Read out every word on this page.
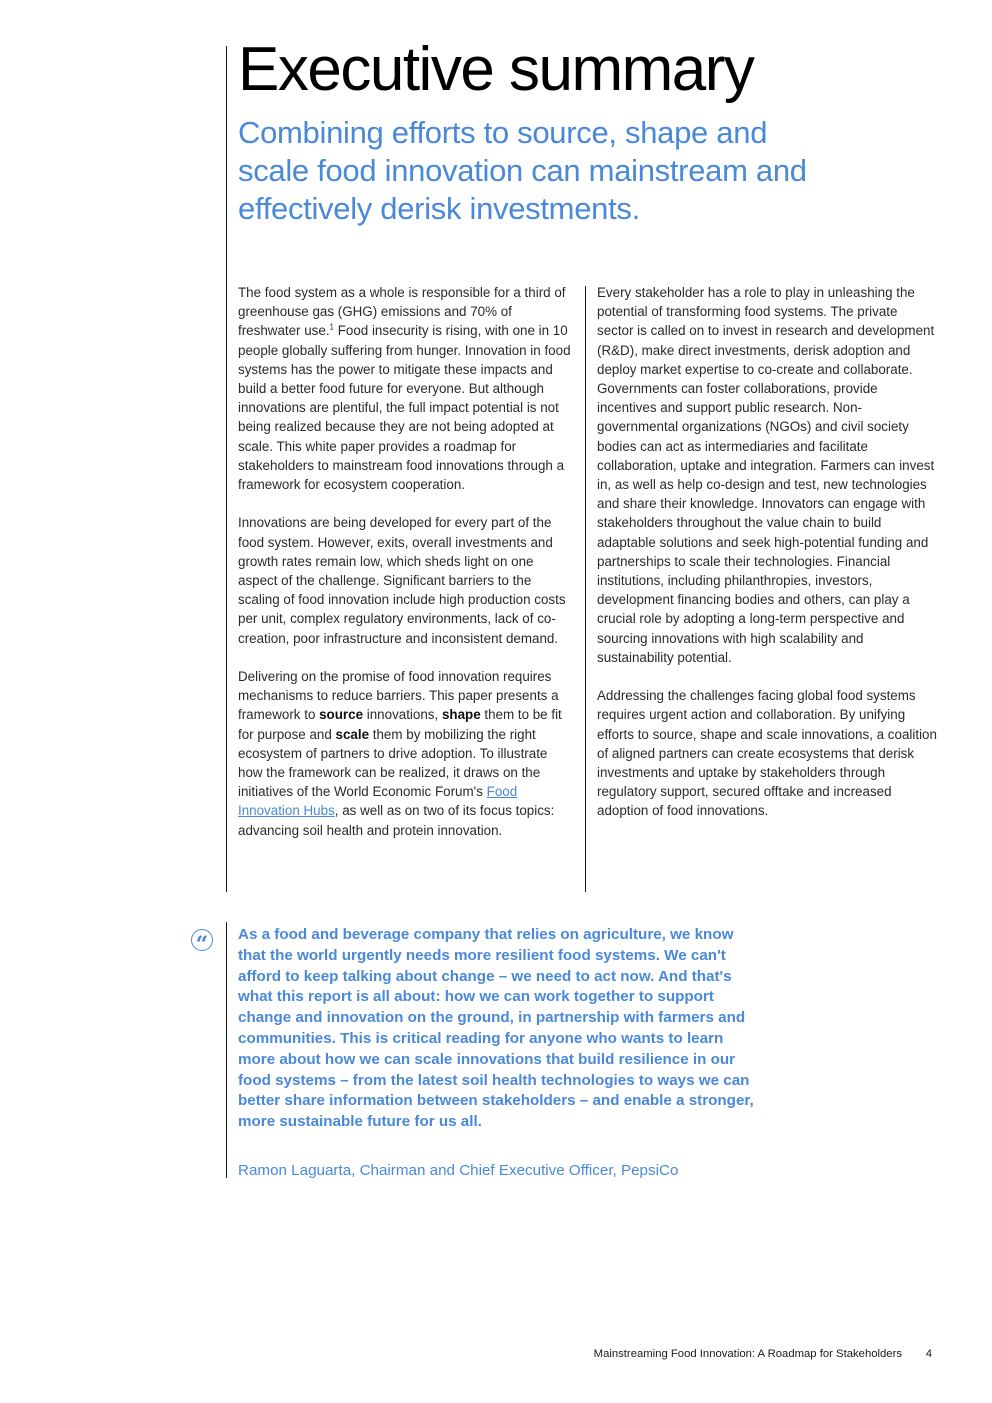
Executive summary
Combining efforts to source, shape and scale food innovation can mainstream and effectively derisk investments.

The food system as a whole is responsible for a third of greenhouse gas (GHG) emissions and 70% of freshwater use.$^1$ Food insecurity is rising, with one in 10 people globally suffering from hunger. Innovation in food systems has the power to mitigate these impacts and build a better food future for everyone. But although innovations are plentiful, the full impact potential is not being realized because they are not being adopted at scale. This white paper provides a roadmap for stakeholders to mainstream food innovations through a framework for ecosystem cooperation.

Innovations are being developed for every part of the food system. However, exits, overall investments and growth rates remain low, which sheds light on one aspect of the challenge. Significant barriers to the scaling of food innovation include high production costs per unit, complex regulatory environments, lack of co-creation, poor infrastructure and inconsistent demand.

Delivering on the promise of food innovation requires mechanisms to reduce barriers. This paper presents a framework to source innovations, shape them to be fit for purpose and scale them by mobilizing the right ecosystem of partners to drive adoption. To illustrate how the framework can be realized, it draws on the initiatives of the World Economic Forum's Food Innovation Hubs, as well as on two of its focus topics: advancing soil health and protein innovation.

Every stakeholder has a role to play in unleashing the potential of transforming food systems. The private sector is called on to invest in research and development (R&D), make direct investments, derisk adoption and deploy market expertise to co-create and collaborate. Governments can foster collaborations, provide incentives and support public research. Non-governmental organizations (NGOs) and civil society bodies can act as intermediaries and facilitate collaboration, uptake and integration. Farmers can invest in, as well as help co-design and test, new technologies and share their knowledge. Innovators can engage with stakeholders throughout the value chain to build adaptable solutions and seek high-potential funding and partnerships to scale their technologies. Financial institutions, including philanthropies, investors, development financing bodies and others, can play a crucial role by adopting a long-term perspective and sourcing innovations with high scalability and sustainability potential.

Addressing the challenges facing global food systems requires urgent action and collaboration. By unifying efforts to source, shape and scale innovations, a coalition of aligned partners can create ecosystems that derisk investments and uptake by stakeholders through regulatory support, secured offtake and increased adoption of food innovations.

“	As a food and beverage company that relies on agriculture, we know that the world urgently needs more resilient food systems. We can't afford to keep talking about change – we need to act now. And that's what this report is all about: how we can work together to support change and innovation on the ground, in partnership with farmers and communities. This is critical reading for anyone who wants to learn more about how we can scale innovations that build resilience in our food systems – from the latest soil health technologies to ways we can better share information between stakeholders – and enable a stronger, more sustainable future for us all.

Ramon Laguarta, Chairman and Chief Executive Officer, PepsiCo

Mainstreaming Food Innovation: A Roadmap for Stakeholders 4
